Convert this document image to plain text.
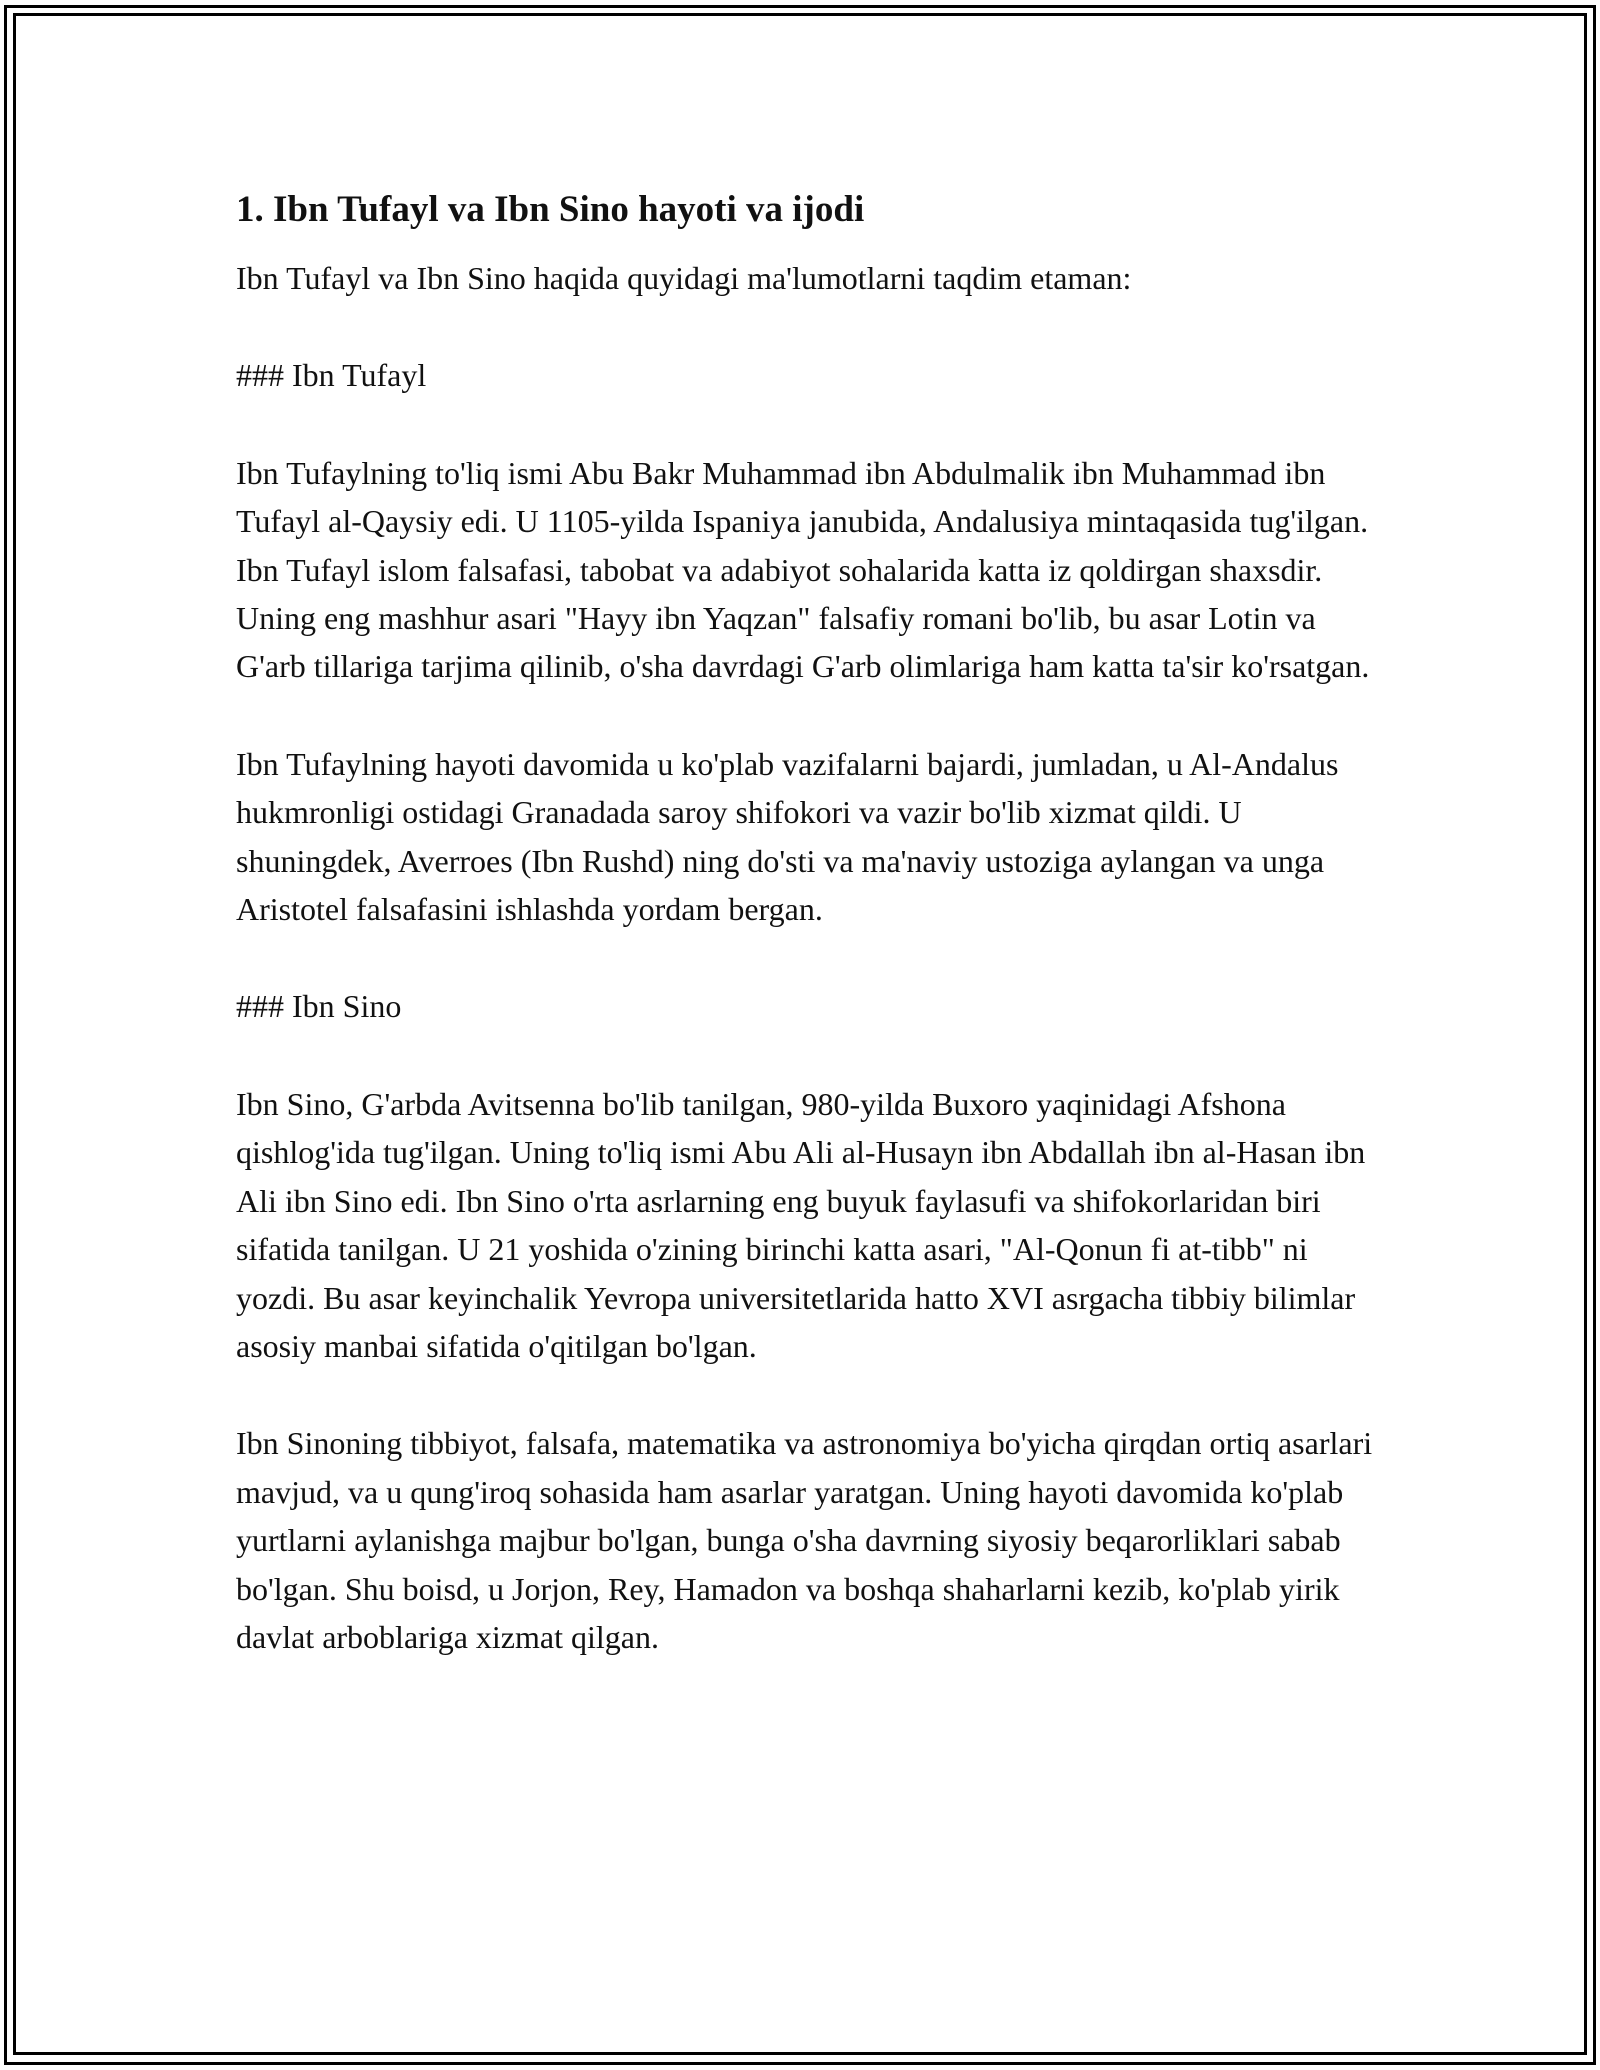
1. Ibn Tufayl va Ibn Sino hayoti va ijodi

Ibn Tufayl va Ibn Sino haqida quyidagi ma'lumotlarni taqdim etaman:

### Ibn Tufayl

Ibn Tufaylning to'liq ismi Abu Bakr Muhammad ibn Abdulmalik ibn Muhammad ibn Tufayl al-Qaysiy edi. U 1105-yilda Ispaniya janubida, Andalusiya mintaqasida tug'ilgan. Ibn Tufayl islom falsafasi, tabobat va adabiyot sohalarida katta iz qoldirgan shaxsdir. Uning eng mashhur asari "Hayy ibn Yaqzan" falsafiy romani bo'lib, bu asar Lotin va G'arb tillariga tarjima qilinib, o'sha davrdagi G'arb olimlariga ham katta ta'sir ko'rsatgan.

Ibn Tufaylning hayoti davomida u ko'plab vazifalarni bajardi, jumladan, u Al-Andalus hukmronligi ostidagi Granadada saroy shifokori va vazir bo'lib xizmat qildi. U shuningdek, Averroes (Ibn Rushd) ning do'sti va ma'naviy ustoziga aylangan va unga Aristotel falsafasini ishlashda yordam bergan.

### Ibn Sino

Ibn Sino, G'arbda Avitsenna bo'lib tanilgan, 980-yilda Buxoro yaqinidagi Afshona qishlog'ida tug'ilgan. Uning to'liq ismi Abu Ali al-Husayn ibn Abdallah ibn al-Hasan ibn Ali ibn Sino edi. Ibn Sino o'rta asrlarning eng buyuk faylasufi va shifokorlaridan biri sifatida tanilgan. U 21 yoshida o'zining birinchi katta asari, "Al-Qonun fi at-tibb" ni yozdi. Bu asar keyinchalik Yevropa universitetlarida hatto XVI asrgacha tibbiy bilimlar asosiy manbai sifatida o'qitilgan bo'lgan.

Ibn Sinoning tibbiyot, falsafa, matematika va astronomiya bo'yicha qirqdan ortiq asarlari mavjud, va u qung'iroq sohasida ham asarlar yaratgan. Uning hayoti davomida ko'plab yurtlarni aylanishga majbur bo'lgan, bunga o'sha davrning siyosiy beqarorliklari sabab bo'lgan. Shu boisd, u Jorjon, Rey, Hamadon va boshqa shaharlarni kezib, ko'plab yirik davlat arboblariga xizmat qilgan.
